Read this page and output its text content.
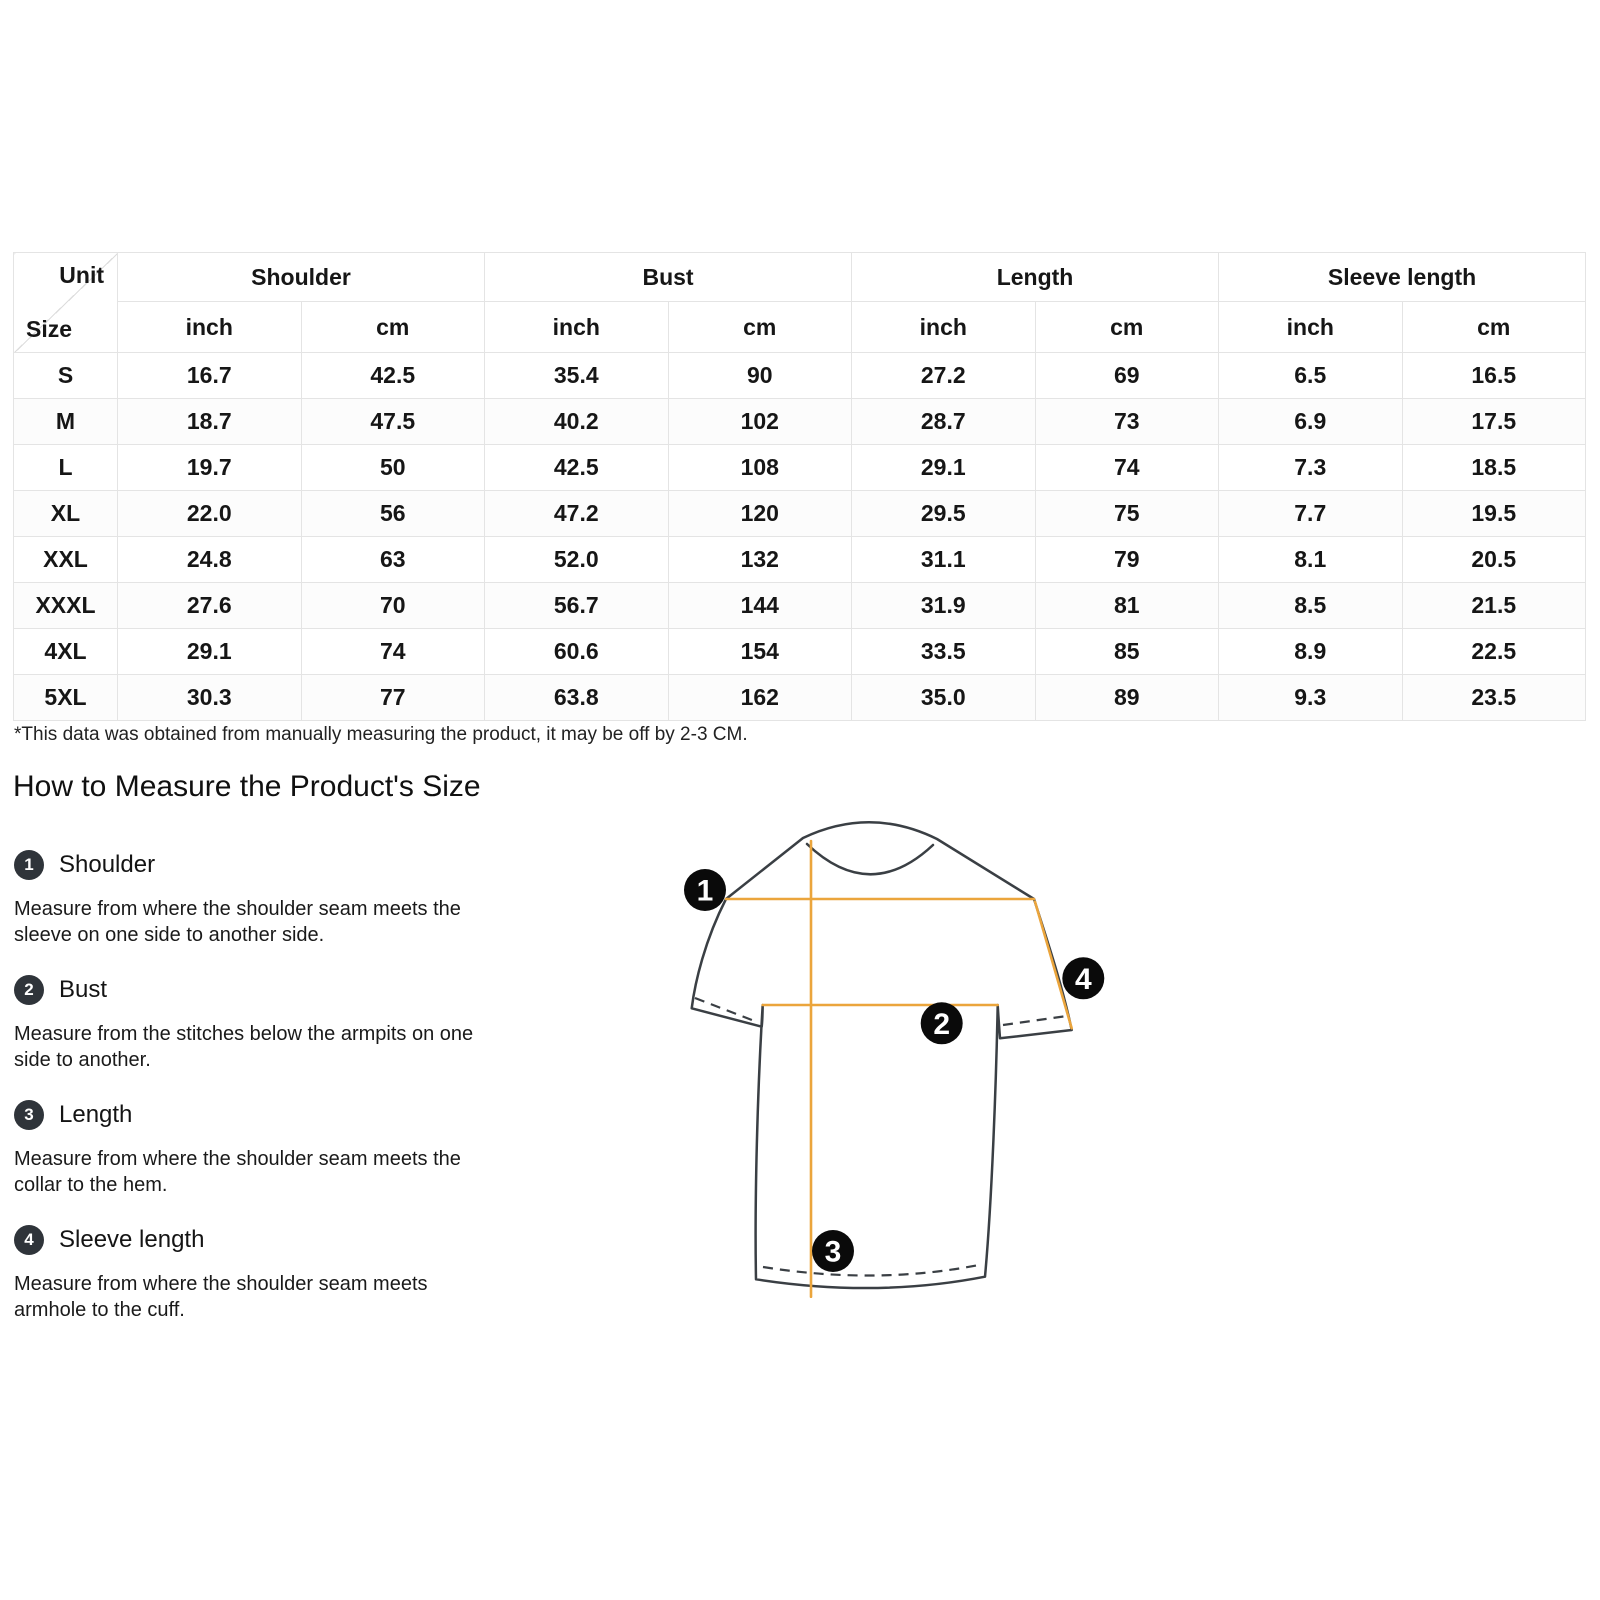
Unit
Size	Shoulder		Bust		Length		Sleeve length	
	inch	cm	inch	cm	inch	cm	inch	cm
S	16.7	42.5	35.4	90	27.2	69	6.5	16.5
M	18.7	47.5	40.2	102	28.7	73	6.9	17.5
L	19.7	50	42.5	108	29.1	74	7.3	18.5
XL	22.0	56	47.2	120	29.5	75	7.7	19.5
XXL	24.8	63	52.0	132	31.1	79	8.1	20.5
XXXL	27.6	70	56.7	144	31.9	81	8.5	21.5
4XL	29.1	74	60.6	154	33.5	85	8.9	22.5
5XL	30.3	77	63.8	162	35.0	89	9.3	23.5
*This data was obtained from manually measuring the product, it may be off by 2-3 CM.
How to Measure the Product's Size
1	Shoulder
Measure from where the shoulder seam meets the
sleeve on one side to another side.
2	Bust
Measure from the stitches below the armpits on one
side to another.
3	Length
Measure from where the shoulder seam meets the
collar to the hem.
4	Sleeve length
Measure from where the shoulder seam meets
armhole to the cuff.
1
2
3
4
